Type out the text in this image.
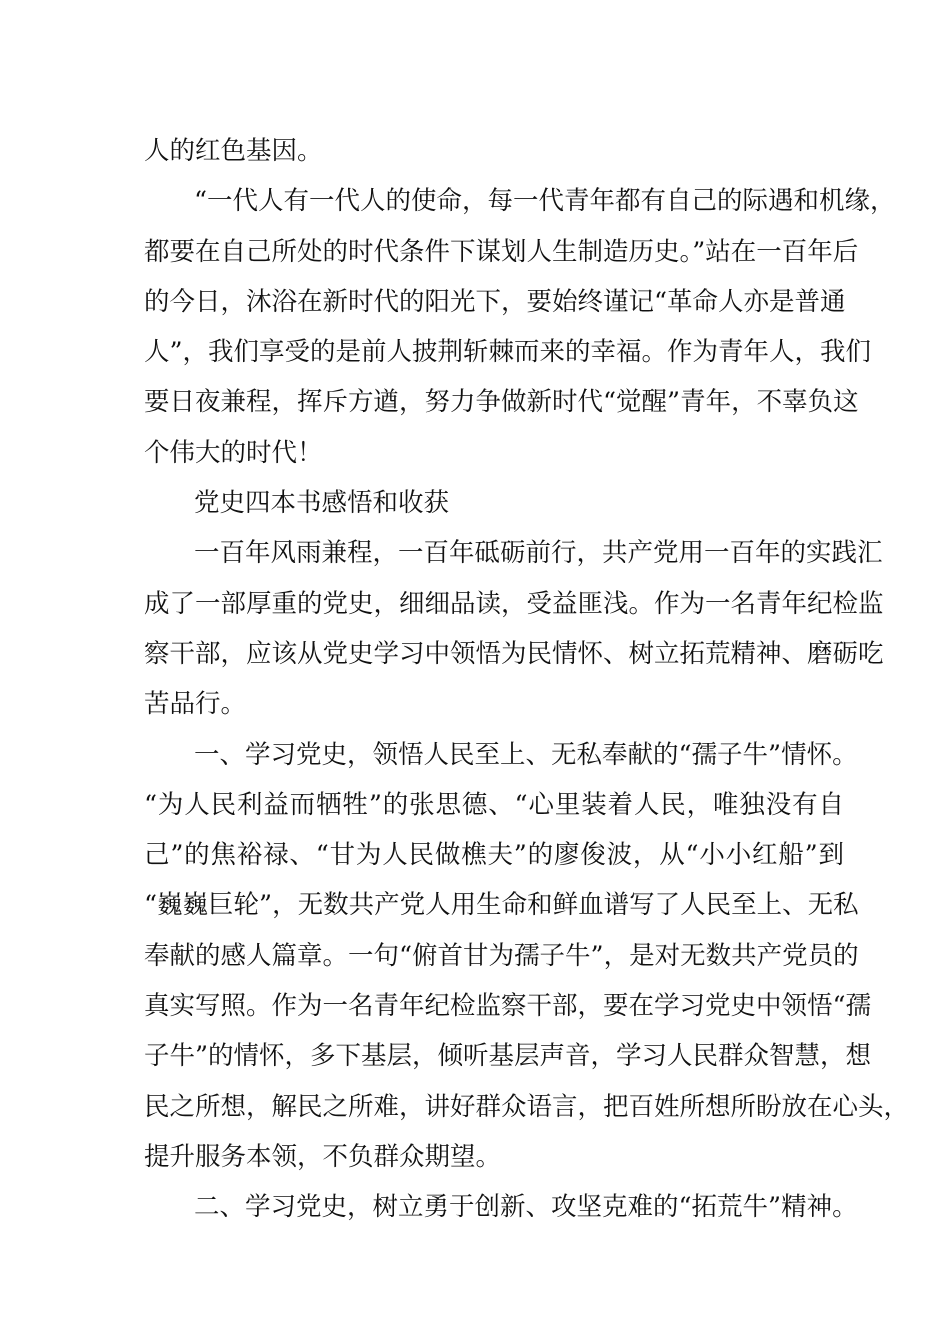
人的红色基因。
“一代人有一代人的使命，每一代青年都有自己的际遇和机缘，
都要在自己所处的时代条件下谋划人生制造历史。”站在一百年后
的今日，沐浴在新时代的阳光下，要始终谨记“革命人亦是普通
人”，我们享受的是前人披荆斩棘而来的幸福。作为青年人，我们
要日夜兼程，挥斥方遒，努力争做新时代“觉醒”青年，不辜负这
个伟大的时代！
党史四本书感悟和收获
一百年风雨兼程，一百年砥砺前行，共产党用一百年的实践汇
成了一部厚重的党史，细细品读，受益匪浅。作为一名青年纪检监
察干部，应该从党史学习中领悟为民情怀、树立拓荒精神、磨砺吃
苦品行。
一、学习党史，领悟人民至上、无私奉献的“孺子牛”情怀。
“为人民利益而牺牲”的张思德、“心里装着人民，唯独没有自
己”的焦裕禄、“甘为人民做樵夫”的廖俊波，从“小小红船”到
“巍巍巨轮”，无数共产党人用生命和鲜血谱写了人民至上、无私
奉献的感人篇章。一句“俯首甘为孺子牛”，是对无数共产党员的
真实写照。作为一名青年纪检监察干部，要在学习党史中领悟“孺
子牛”的情怀，多下基层，倾听基层声音，学习人民群众智慧，想
民之所想，解民之所难，讲好群众语言，把百姓所想所盼放在心头，
提升服务本领，不负群众期望。
二、学习党史，树立勇于创新、攻坚克难的“拓荒牛”精神。
